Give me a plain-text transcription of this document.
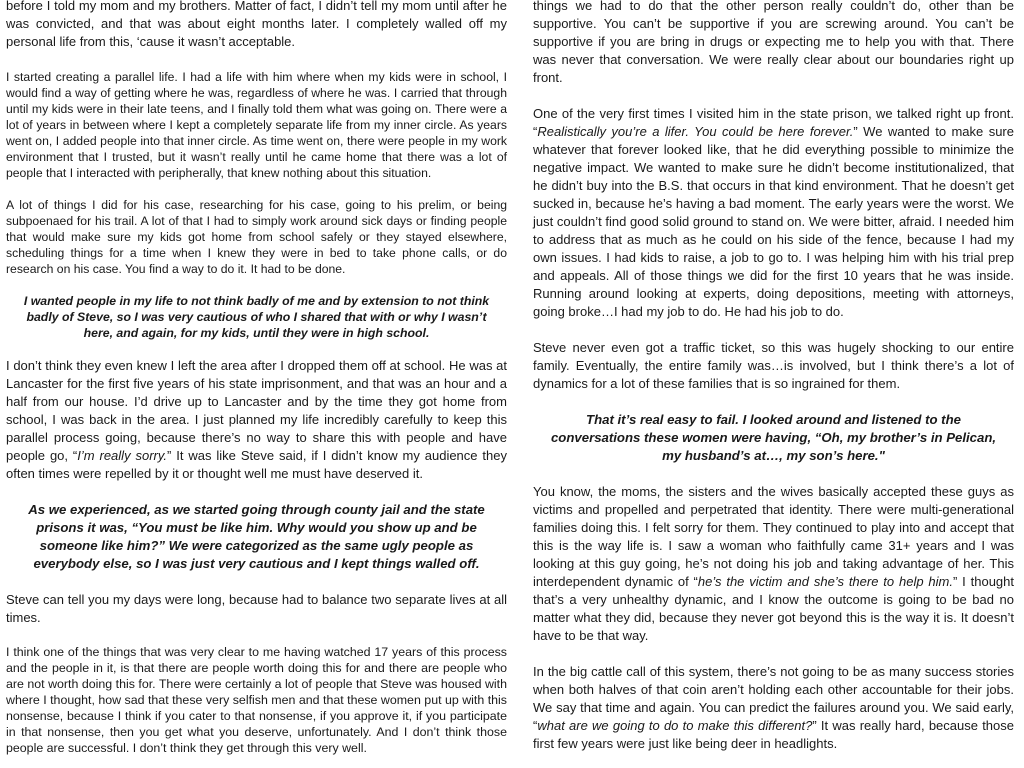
before I told my mom and my brothers. Matter of fact, I didn’t tell my mom until after he was convicted, and that was about eight months later. I completely walled off my personal life from this, ‘cause it wasn’t acceptable.

I started creating a parallel life. I had a life with him where when my kids were in school, I would find a way of getting where he was, regardless of where he was. I carried that through until my kids were in their late teens, and I finally told them what was going on. There were a lot of years in between where I kept a completely separate life from my inner circle. As years went on, I added people into that inner circle. As time went on, there were people in my work environment that I trusted, but it wasn’t really until he came home that there was a lot of people that I interacted with peripherally, that knew nothing about this situation.

A lot of things I did for his case, researching for his case, going to his prelim, or being subpoenaed for his trail. A lot of that I had to simply work around sick days or finding people that would make sure my kids got home from school safely or they stayed elsewhere, scheduling things for a time when I knew they were in bed to take phone calls, or do research on his case. You find a way to do it. It had to be done.

I wanted people in my life to not think badly of me and by extension to not think badly of Steve, so I was very cautious of who I shared that with or why I wasn’t here, and again, for my kids, until they were in high school.

I don’t think they even knew I left the area after I dropped them off at school. He was at Lancaster for the first five years of his state imprisonment, and that was an hour and a half from our house. I’d drive up to Lancaster and by the time they got home from school, I was back in the area. I just planned my life incredibly carefully to keep this parallel process going, because there’s no way to share this with people and have people go, “I’m really sorry.” It was like Steve said, if I didn’t know my audience they often times were repelled by it or thought well me must have deserved it.

As we experienced, as we started going through county jail and the state prisons it was, “You must be like him. Why would you show up and be someone like him?” We were categorized as the same ugly people as everybody else, so I was just very cautious and I kept things walled off.

Steve can tell you my days were long, because had to balance two separate lives at all times.

I think one of the things that was very clear to me having watched 17 years of this process and the people in it, is that there are people worth doing this for and there are people who are not worth doing this for. There were certainly a lot of people that Steve was housed with where I thought, how sad that these very selfish men and that these women put up with this nonsense, because I think if you cater to that nonsense, if you approve it, if you participate in that nonsense, then you get what you deserve, unfortunately. And I don’t think those people are successful. I don’t think they get through this very well.

things we had to do that the other person really couldn’t do, other than be supportive. You can’t be supportive if you are screwing around. You can’t be supportive if you are bring in drugs or expecting me to help you with that. There was never that conversation. We were really clear about our boundaries right up front.

One of the very first times I visited him in the state prison, we talked right up front. “Realistically you’re a lifer. You could be here forever.” We wanted to make sure whatever that forever looked like, that he did everything possible to minimize the negative impact. We wanted to make sure he didn’t become institutionalized, that he didn’t buy into the B.S. that occurs in that kind environment. That he doesn’t get sucked in, because he’s having a bad moment. The early years were the worst. We just couldn’t find good solid ground to stand on. We were bitter, afraid. I needed him to address that as much as he could on his side of the fence, because I had my own issues. I had kids to raise, a job to go to. I was helping him with his trial prep and appeals. All of those things we did for the first 10 years that he was inside. Running around looking at experts, doing depositions, meeting with attorneys, going broke…I had my job to do. He had his job to do.

Steve never even got a traffic ticket, so this was hugely shocking to our entire family. Eventually, the entire family was…is involved, but I think there’s a lot of dynamics for a lot of these families that is so ingrained for them.

That it’s real easy to fail. I looked around and listened to the conversations these women were having, “Oh, my brother’s in Pelican, my husband’s at…, my son’s here."

You know, the moms, the sisters and the wives basically accepted these guys as victims and propelled and perpetrated that identity. There were multi-generational families doing this. I felt sorry for them. They continued to play into and accept that this is the way life is. I saw a woman who faithfully came 31+ years and I was looking at this guy going, he’s not doing his job and taking advantage of her. This interdependent dynamic of “he’s the victim and she’s there to help him.” I thought that’s a very unhealthy dynamic, and I know the outcome is going to be bad no matter what they did, because they never got beyond this is the way it is. It doesn’t have to be that way.

In the big cattle call of this system, there’s not going to be as many success stories when both halves of that coin aren’t holding each other accountable for their jobs. We say that time and again. You can predict the failures around you. We said early, “what are we going to do to make this different?” It was really hard, because those first few years were just like being deer in headlights.
